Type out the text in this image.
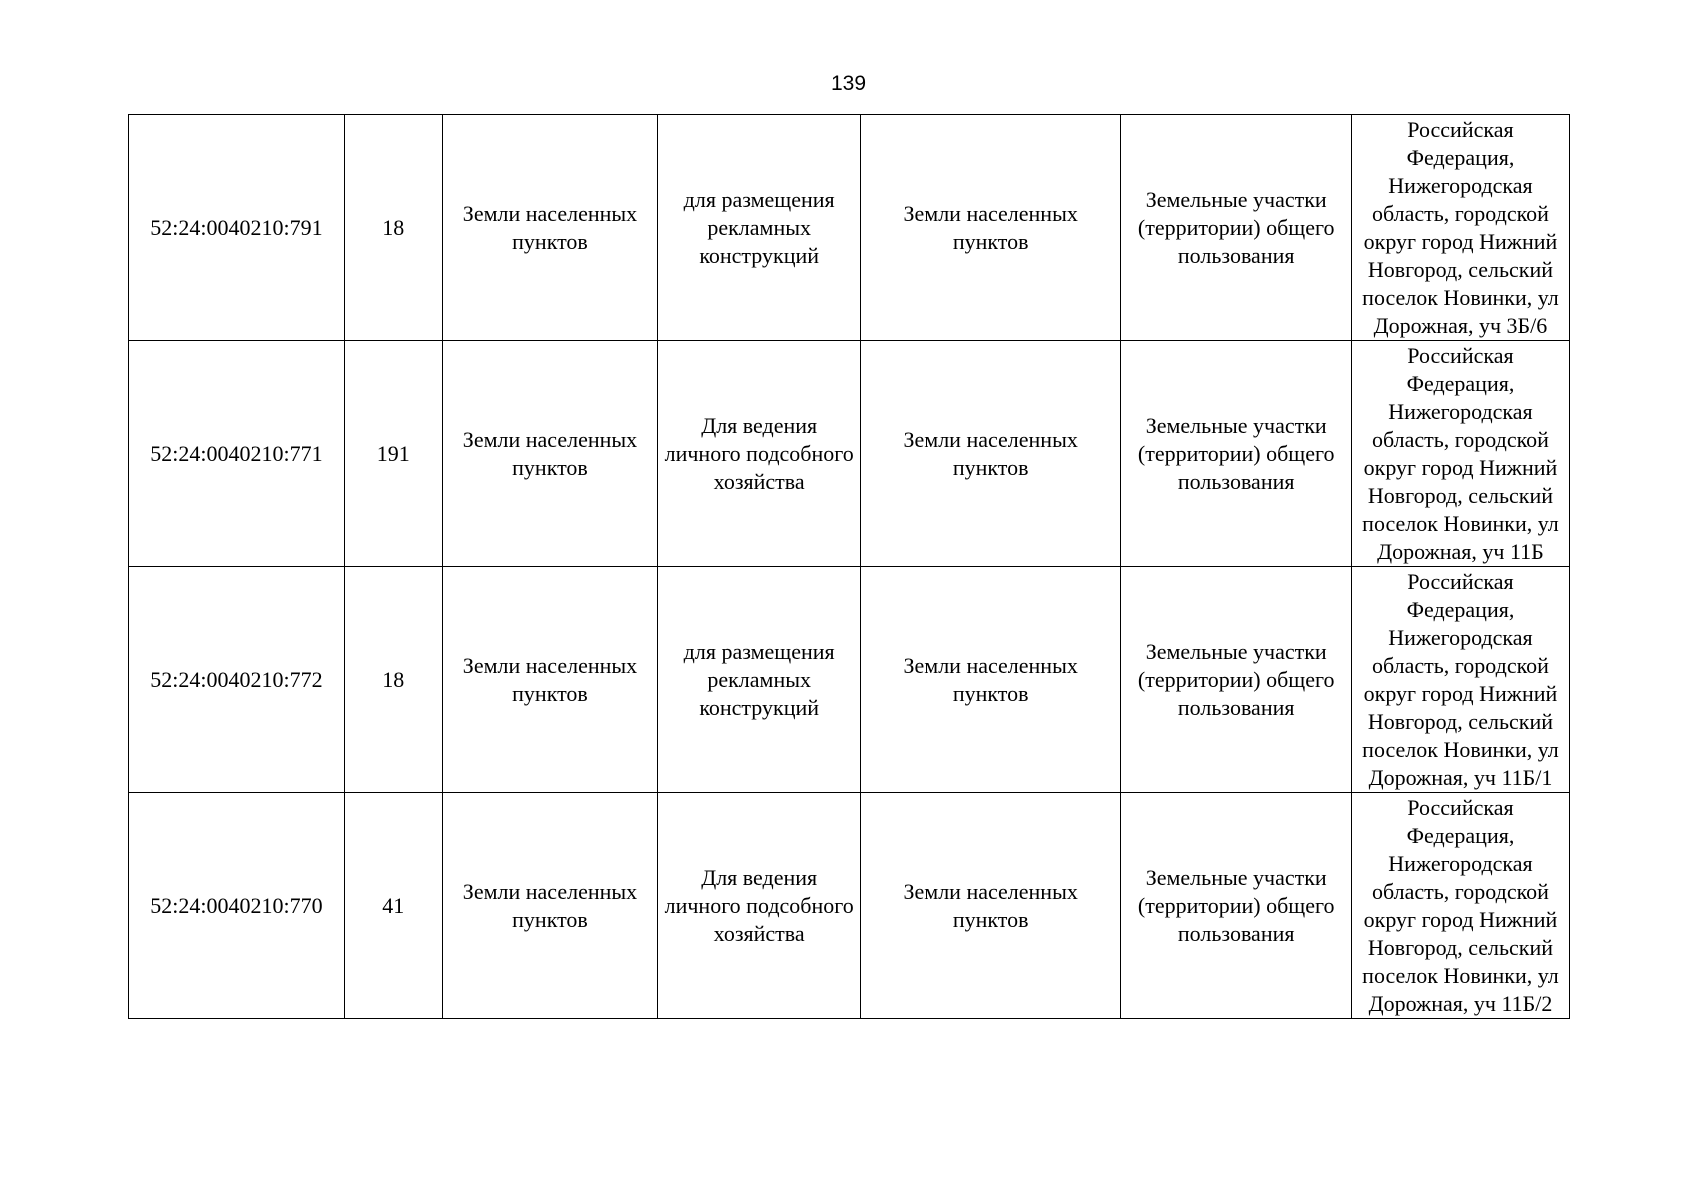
139
52:24:0040210:791	18	Земли населенных пунктов	для размещения рекламных конструкций	Земли населенных пунктов	Земельные участки (территории) общего пользования	Российская Федерация, Нижегородская область, городской округ город Нижний Новгород, сельский поселок Новинки, ул Дорожная, уч 3Б/6
52:24:0040210:771	191	Земли населенных пунктов	Для ведения личного подсобного хозяйства	Земли населенных пунктов	Земельные участки (территории) общего пользования	Российская Федерация, Нижегородская область, городской округ город Нижний Новгород, сельский поселок Новинки, ул Дорожная, уч 11Б
52:24:0040210:772	18	Земли населенных пунктов	для размещения рекламных конструкций	Земли населенных пунктов	Земельные участки (территории) общего пользования	Российская Федерация, Нижегородская область, городской округ город Нижний Новгород, сельский поселок Новинки, ул Дорожная, уч 11Б/1
52:24:0040210:770	41	Земли населенных пунктов	Для ведения личного подсобного хозяйства	Земли населенных пунктов	Земельные участки (территории) общего пользования	Российская Федерация, Нижегородская область, городской округ город Нижний Новгород, сельский поселок Новинки, ул Дорожная, уч 11Б/2
